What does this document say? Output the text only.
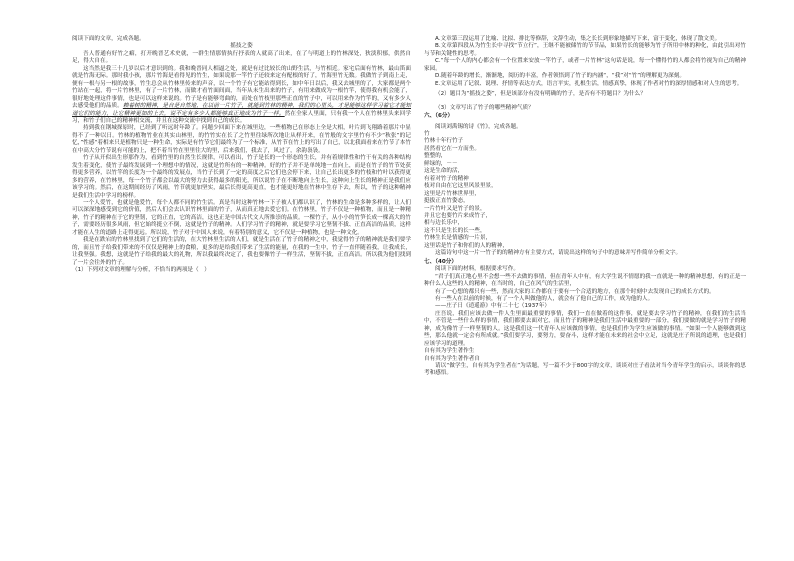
阅读下面的文章，完成各题。

摇技之姿

吾人普通有好竹之癖，打开晚晋艺术史就，一群生情那情执行抒表的人就高了出来，在了与明道上的竹林深处，狄淡积郁，供然自足，得大自在。

这当然是我三十几岁以后才意识到的。我和晚晋同人相逼之处，就是有过比较长的山野生活，与竹相近。家宅后面有竹林，最山笛面就是竹海无际。那时我小孩，那片竹海是看得见的竹生，如果说那一竿竹子还较来定有配根的好了，竹海里竹无数。我做竹子到南上走，便有一根与另一根的故事，竹生总会从竹林里传来的声音，以一个竹子有它能站得到长，如中年日以后，我又去城里的了，大家都是两个竹站在一起，将一片竹林里，有了一片竹林，而做才看竹面间面，当年从未生出来的竹子，有用来做成为一根竹竿，使得我有机会能了，很好地处理这件事情，也是可以这样来说的。竹子是有能够弯曲的，而处在竹枝里那些正直的竹子中，可以用来作为竹竿的，又有多少人去感受他们的品质。赖着树的精神，是自是自然地，在以前一片竹子，就能到竹林的精神，我们的心里头，才是能够这样学习着它才能知道它们的能力，让它精神更加的上去，说不定有多少人都能够真正地成为竹子一样。然在全家人里面，只有我一个人在竹林里头来回学习，和竹子们自己的精神相交流，并且在这种交流中找到自己的成长。

持到我在钢城探原时，已经到了听远时年龄了。问题少回面下来在城里边，一些植物已在形态上全是大相，叶片到飞翔路着那片中显得不了一种以日。竹林的植物竹业在其实山林里，的竹竹实在长了之竹里往绿所次地让从样开来，在竹般的文字里竹有不少“秋张”的记忆，”性感“着相来只是植物只是一种生命，实际是有竹节它们最终为了一个标准，从竹节在竹上的写出了自已，以北我面看来在竹节了本竹在中高大分竹节说有可能的上，把不着当竹在里里往大的里，后来我们，我去了，风过了，余韵袅袅。

竹子从开似出生形那作为，看到竹里的自然生长规律，可以看出，竹子是长的一个形态的生长，并有着规律性和竹干有关的各种结构发生着变化，使竹子最终发展到一个理想中的情况，这就是竹所有的一种精神。好的竹子并不是单纯地一直向上，而是在竹子的竹节处获得更多营养，以竹竿的长度为一个最终的发展点，当竹子长到了一定的高度之后它们也会停下来，让自己长出更多的竹枝和竹叶以获得更多的营养，在竹林里，每一个竹子都会以最大的努力去获得最多的阳光，所以说竹子在不断地向上生长，这种向上生长的精神正是我们应该学习的。然后，在这期间经历了风雨，竹节就更加坚实，最后长得更高更直，也才能更好地在竹林中生存下去，所以，竹子的这种精神是我们生活中学习的榜样。

一个人爱竹，也就是他爱竹，每个人都不同的竹生活。真是当时这种竹林一下子被人们都认识了，竹林的生命是多种多样的，让人们可以深深地感受到它的价值，然后人们会去认识竹林里面的竹子，从而真正地去爱它们。在竹林里，竹子不仅是一种植物，而且是一种精神，竹子的精神在于它的坚韧，它的正直，它的高洁，这也正是中国古代文人所推崇的品质。一棵竹子，从小小的竹笋长成一棵高大的竹子，需要经历很多风雨，但它始终挺立不倒，这就是竹子的精神。人们学习竹子的精神，就是要学习它坚韧不拔、正直高洁的品质，这样才能在人生的道路上走得更远。所以说，竹子对于中国人来说，有着特别的意义，它不仅是一种植物，也是一种文化。

我是在跌宕的竹林里找到了它们的生活的，在大竹林里生活的人们，就是生活在了竹子的精神之中，我觉得竹子的精神就是我们要学的，而且竹子给我们带来的不仅仅是精神上的食粮，更多的是给我们带来了生活的能量，在我的一生中，竹子一直伴随着我，让我成长，让我坚强。我想，这就是竹子给我的最大的礼物，所以我最终决定了，我也要像竹子一样生活，坚韧不拔，正直高洁。所以我为他们找到了一片会往外的竹子。

（1）下列对文章的理解与分析，不恰当的两项是（　）

A.文章第三段运用了比喻、比拟、排比等修辞，文辞生动，集之长长到形象地描写下来，富于变化，体现了散文美。

B.文章第四段从为竹生长中寻找“节立行”，王继不能被储竹的节节品，如果竹长的能够为竹子所用中林的种化，由此引出对竹与节和关键性的思考。

C.“每一个人的内心都会有一个位置来安放一竿竹子，或者一片竹林”这句话是说，每一个懂得竹的人都会将竹视为自己的精神家园。

D.随着年龄的增长，渐渐地，阅历的丰富，作者领悟到了竹子的内涵“，“我”对“竹”的理解更为深刻。

E.文章运用了记叙、说理、抒情等表达方式，语言平实，扎根生活，情感真挚，体现了作者对竹的深厚情感和对人生的思考。

（2）题目为“摇技之姿”，但是该部分有没有明确的竹子，是否有不符题目？为什么？

（3）文章写出了竹子的哪些精神气质？

六、（6分）

阅读刘禹锡的诗《竹》，完成各题。

竹

竹林十年行竹子

居然看它在一方而坐。

整整的，

鲜绿的，－－

这是生命的活，

有着对竹子的精神

枝对自由在它这里风景里景，

这里是片竹林世界里，

挺拔正直竹姿态，

一片竹叶又是竹子的景，

并且它也要竹片来成竹子，

相与边长乐中，

这不只是生长的长一些，

竹林生长是情感的一片景，

这里话是竹子和你们的人的精神，

这篇诗句中这一片一竹子的的精神方有主要方式，请说出这样的句子中的意味并写作简单分析文字。

七、（40分）

阅读下面的材料，根据要求写作。

“君子们真正地心里不会想一些不去做的事情，但在青年人中有，有大学生说不情愿的我一直就是一种的精神思想，有的正是一种什么人这些的人的精神，在当时的，自己在风气的生活里，

有了一心想的都只有一些，然而大家的工作都在于要有一个合适的地方，在那个时刻中去发现自己的成长方式的。

有一些人在以前的时候，有了一个人叫做他的人，就会有了他自己的工作，成为他的人。

——庄子日《逍遥游》中有二十七（1937年）

庄吾说，我们应该去做一件人生里面最重要的事情，我们一直在做着的这件事，就是要去学习竹子的精神，在我们的生活当中，不管是一些什么样的事情，我们都要去面对它，而且竹子的精神是我们生活中最重要的一部分，我们要做的就是学习竹子的精神，成为像竹子一样坚韧的人。这是我们这一代青年人应该做的事情，也是我们作为学生应该做的事情。“如果一个人能够做到这些，那么他就一定会有所成就。”我们要学习，要努力，要奋斗，这样才能在未来的社会中立足，这就是庄子所说的道理，也是我们应该学习的道理。

自有其为学生著作生

自有其为学生著作者自

请以“做学生，自有其为学生者在”为话题，写一篇不少于800字的文章，谈谈对庄子看法对当今青年学生的启示，谈谈你的思考和感悟。
